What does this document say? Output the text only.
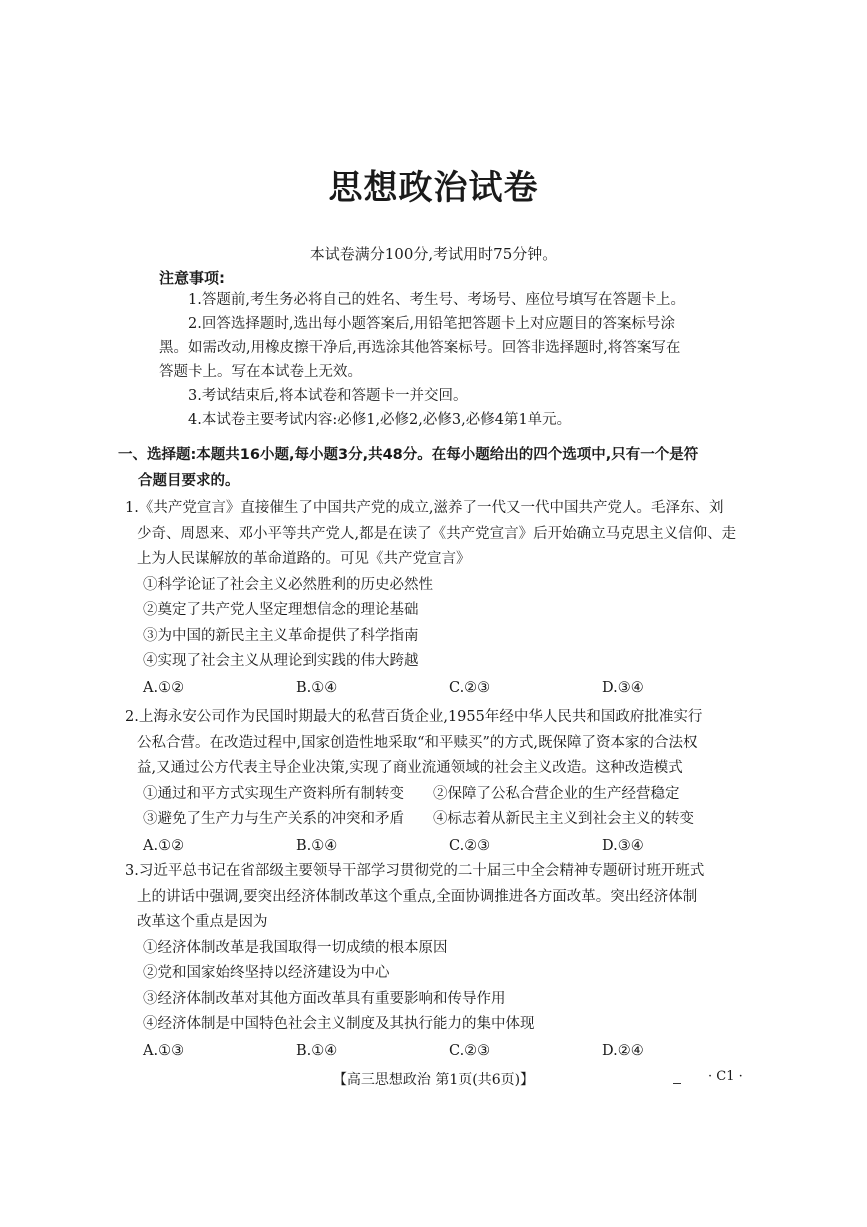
思想政治试卷
本试卷满分100分,考试用时75分钟。
注意事项:
1.答题前,考生务必将自己的姓名、考生号、考场号、座位号填写在答题卡上。
2.回答选择题时,选出每小题答案后,用铅笔把答题卡上对应题目的答案标号涂
黑。如需改动,用橡皮擦干净后,再选涂其他答案标号。回答非选择题时,将答案写在
答题卡上。写在本试卷上无效。
3.考试结束后,将本试卷和答题卡一并交回。
4.本试卷主要考试内容:必修1,必修2,必修3,必修4第1单元。
一、选择题:本题共16小题,每小题3分,共48分。在每小题给出的四个选项中,只有一个是符
合题目要求的。
1.《共产党宣言》直接催生了中国共产党的成立,滋养了一代又一代中国共产党人。毛泽东、刘
少奇、周恩来、邓小平等共产党人,都是在读了《共产党宣言》后开始确立马克思主义信仰、走
上为人民谋解放的革命道路的。可见《共产党宣言》
①科学论证了社会主义必然胜利的历史必然性
②奠定了共产党人坚定理想信念的理论基础
③为中国的新民主主义革命提供了科学指南
④实现了社会主义从理论到实践的伟大跨越
A.①②	B.①④	C.②③	D.③④
2.上海永安公司作为民国时期最大的私营百货企业,1955年经中华人民共和国政府批准实行
公私合营。在改造过程中,国家创造性地采取“和平赎买”的方式,既保障了资本家的合法权
益,又通过公方代表主导企业决策,实现了商业流通领域的社会主义改造。这种改造模式
①通过和平方式实现生产资料所有制转变	②保障了公私合营企业的生产经营稳定
③避免了生产力与生产关系的冲突和矛盾	④标志着从新民主主义到社会主义的转变
A.①②	B.①④	C.②③	D.③④
3.习近平总书记在省部级主要领导干部学习贯彻党的二十届三中全会精神专题研讨班开班式
上的讲话中强调,要突出经济体制改革这个重点,全面协调推进各方面改革。突出经济体制
改革这个重点是因为
①经济体制改革是我国取得一切成绩的根本原因
②党和国家始终坚持以经济建设为中心
③经济体制改革对其他方面改革具有重要影响和传导作用
④经济体制是中国特色社会主义制度及其执行能力的集中体现
A.①③	B.①④	C.②③	D.②④
【高三思想政治 第1页(共6页)】	· C1 ·
